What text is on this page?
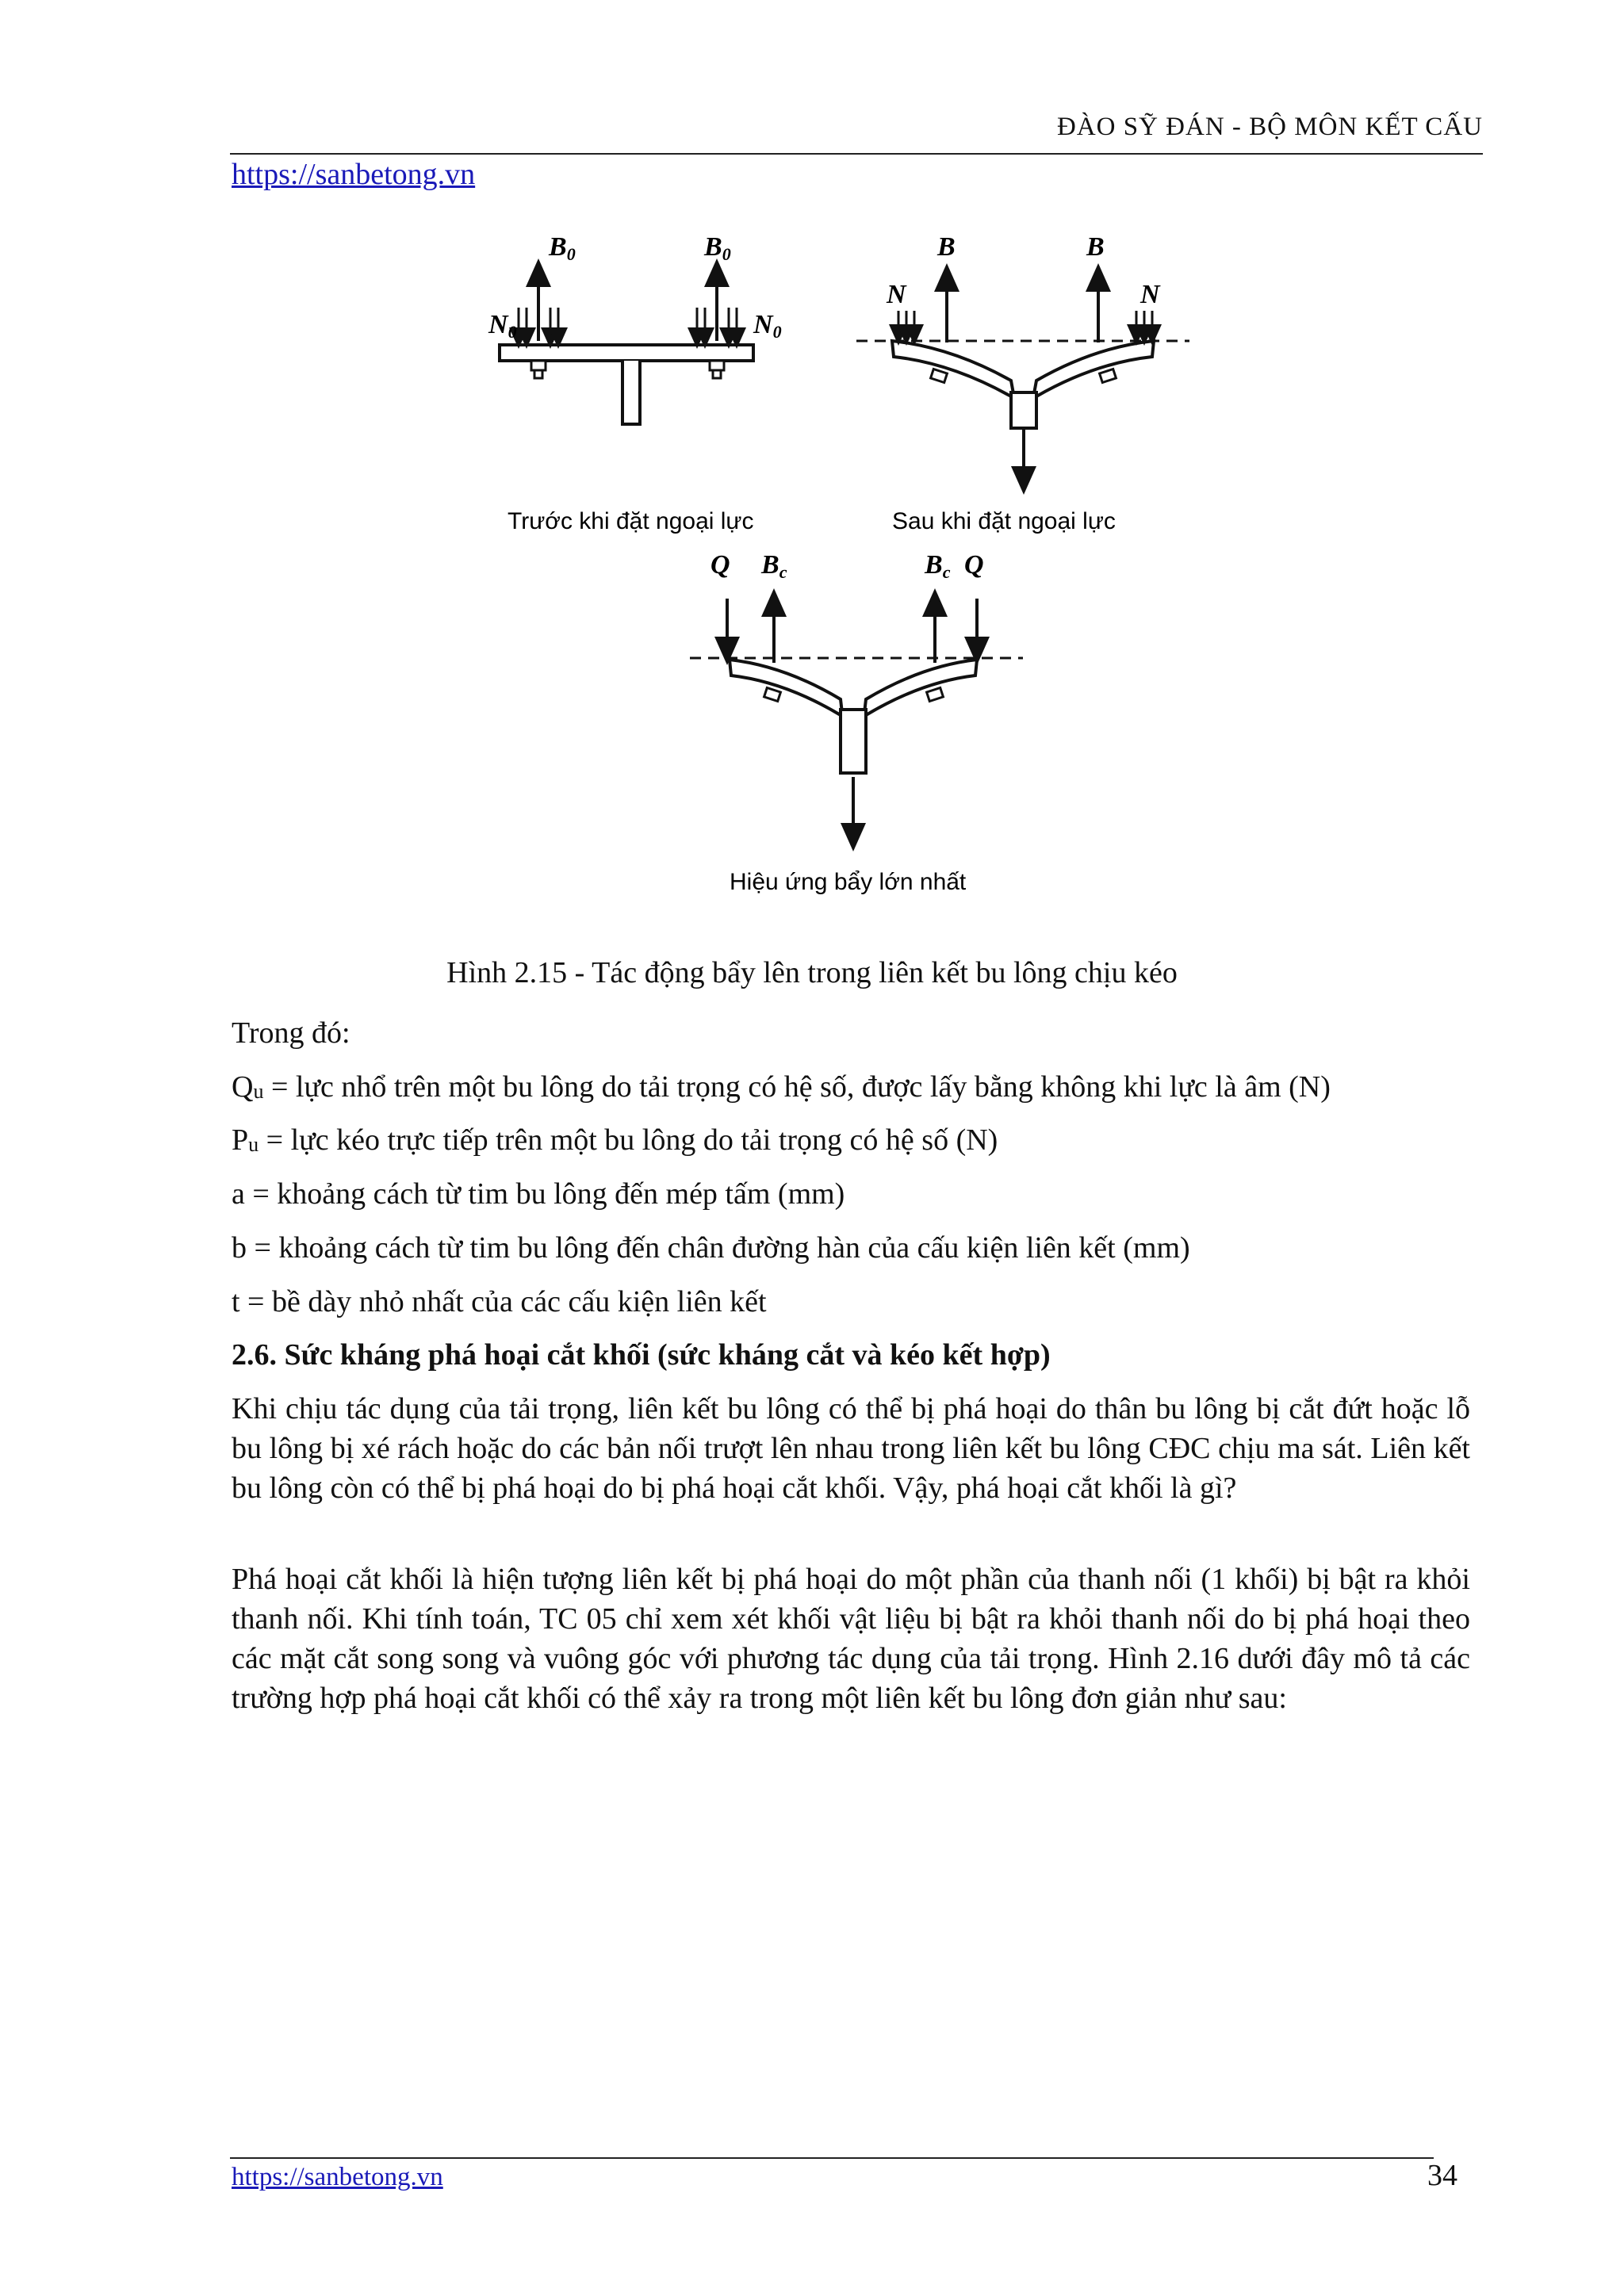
ĐÀO SỸ ĐÁN - BỘ MÔN KẾT CẤU
https://sanbetong.vn
B0	B0
N0	N0
Trước khi đặt ngoại lực
B	B
N	N
Sau khi đặt ngoại lực
Q	Q
Bc	Bc
Hiệu ứng bẩy lớn nhất
Hình 2.15 - Tác động bẩy lên trong liên kết bu lông chịu kéo
Trong đó:
Qu = lực nhổ trên một bu lông do tải trọng có hệ số, được lấy bằng không khi lực là âm (N)
Pu = lực kéo trực tiếp trên một bu lông do tải trọng có hệ số (N)
a = khoảng cách từ tim bu lông đến mép tấm (mm)
b = khoảng cách từ tim bu lông đến chân đường hàn của cấu kiện liên kết (mm)
t = bề dày nhỏ nhất của các cấu kiện liên kết
2.6. Sức kháng phá hoại cắt khối (sức kháng cắt và kéo kết hợp)
Khi chịu tác dụng của tải trọng, liên kết bu lông có thể bị phá hoại do thân bu lông bị cắt đứt hoặc lỗ bu lông bị xé rách hoặc do các bản nối trượt lên nhau trong liên kết bu lông CĐC chịu ma sát. Liên kết bu lông còn có thể bị phá hoại do bị phá hoại cắt khối. Vậy, phá hoại cắt khối là gì?
Phá hoại cắt khối là hiện tượng liên kết bị phá hoại do một phần của thanh nối (1 khối) bị bật ra khỏi thanh nối. Khi tính toán, TC 05 chỉ xem xét khối vật liệu bị bật ra khỏi thanh nối do bị phá hoại theo các mặt cắt song song và vuông góc với phương tác dụng của tải trọng. Hình 2.16 dưới đây mô tả các trường hợp phá hoại cắt khối có thể xảy ra trong một liên kết bu lông đơn giản như sau:
https://sanbetong.vn	34
